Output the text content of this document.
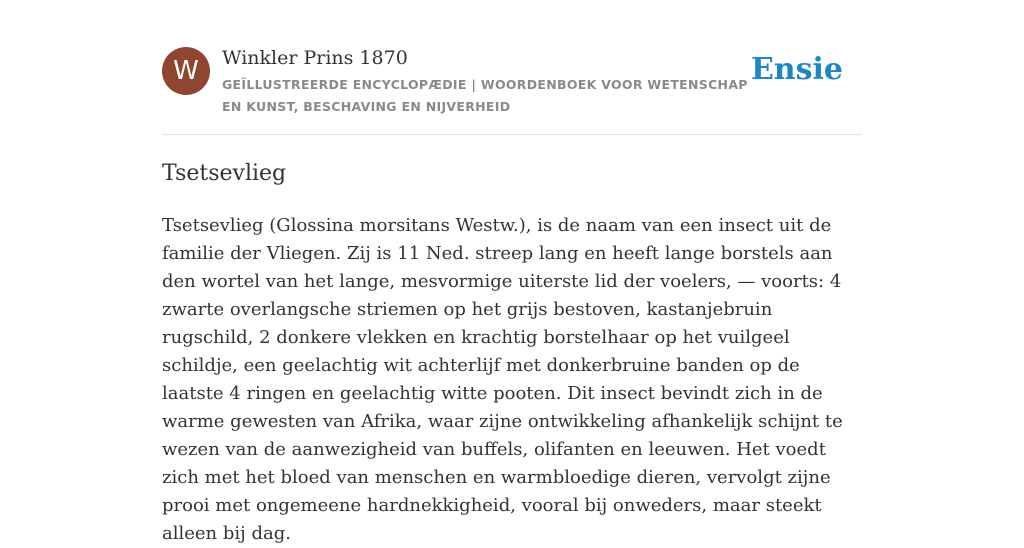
W	Winkler Prins 1870
GEÏLLUSTREERDE ENCYCLOPÆDIE | WOORDENBOEK VOOR WETENSCHAP EN KUNST, BESCHAVING EN NIJVERHEID
Ensie
Tsetsevlieg

Tsetsevlieg (Glossina morsitans Westw.), is de naam van een insect uit de familie der Vliegen. Zij is 11 Ned. streep lang en heeft lange borstels aan den wortel van het lange, mesvormige uiterste lid der voelers, — voorts: 4 zwarte overlangsche striemen op het grijs bestoven, kastanjebruin rugschild, 2 donkere vlekken en krachtig borstelhaar op het vuilgeel schildje, een geelachtig wit achterlijf met donkerbruine banden op de laatste 4 ringen en geelachtig witte pooten. Dit insect bevindt zich in de warme gewesten van Afrika, waar zijne ontwikkeling afhankelijk schijnt te wezen van de aanwezigheid van buffels, olifanten en leeuwen. Het voedt zich met het bloed van menschen en warmbloedige dieren, vervolgt zijne prooi met ongemeene hardnekkigheid, vooral bij onweders, maar steekt alleen bij dag.
